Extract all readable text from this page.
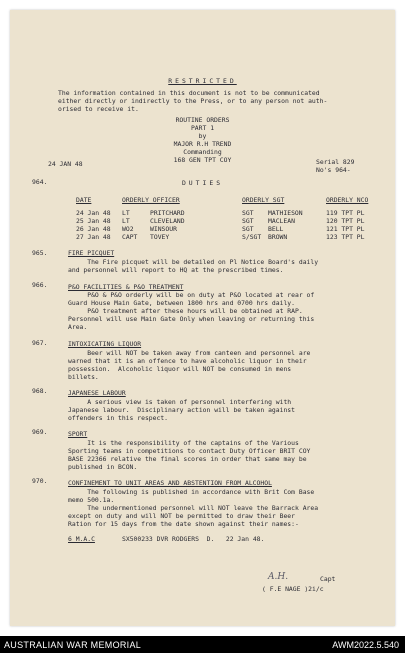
RESTRICTED
The information contained in this document is not to be communicated
either directly or indirectly to the Press, or to any person not auth-
orised to receive it.
ROUTINE ORDERS
PART 1
by
MAJOR R.H TREND
Commanding
168 GEN TPT COY
24 JAN 48	Serial 829
No's 964-
964.	DUTIES
DATE	ORDERLY OFFICER	ORDERLY SGT	ORDERLY NCO
24 Jan 48 LT	PRITCHARD	SGT MATHIESON	119 TPT PL
25 Jan 48 LT	CLEVELAND	SGT MACLEAN	120 TPT PL
26 Jan 48 WO2	WINSOUR	SGT BELL	121 TPT PL
27 Jan 48 CAPT TOVEY	S/SGT BROWN	123 TPT PL
965.	FIRE PICQUET
The Fire picquet will be detailed on Pl Notice Board's daily
and personnel will report to HQ at the prescribed times.
966.	P&O FACILITIES & P&O TREATMENT
P&O & P&O orderly will be on duty at P&O located at rear of
Guard House Main Gate, between 1800 hrs and 0700 hrs daily.
P&O treatment after these hours will be obtained at RAP.
Personnel will use Main Gate Only when leaving or returning this
Area.
967.	INTOXICATING LIQUOR
Beer will NOT be taken away from canteen and personnel are
warned that it is an offence to have alcoholic liquor in their
possession.  Alcoholic liquor will NOT be consumed in mens
billets.
968.	JAPANESE LABOUR
A serious view is taken of personnel interfering with
Japanese labour.  Disciplinary action will be taken against
offenders in this respect.
969.	SPORT
It is the responsibility of the captains of the Various
Sporting teams in competitions to contact Duty Officer BRIT COY
BASE 22366 relative the final scores in order that same may be
published in BCON.
970.	CONFINEMENT TO UNIT AREAS AND ABSTENTION FROM ALCOHOL
The following is published in accordance with Brit Com Base
memo 500.1a.
The undermentioned personnel will NOT leave the Barrack Area
except on duty and will NOT be permitted to draw their Beer
Ration for 15 days from the date shown against their names:-
6 M.A.C	SX500233 DVR RODGERS  D.   22 Jan 48.
A.H.	Capt
( F.E NAGE )2i/c
AUSTRALIAN WAR MEMORIAL	AWM2022.5.540
